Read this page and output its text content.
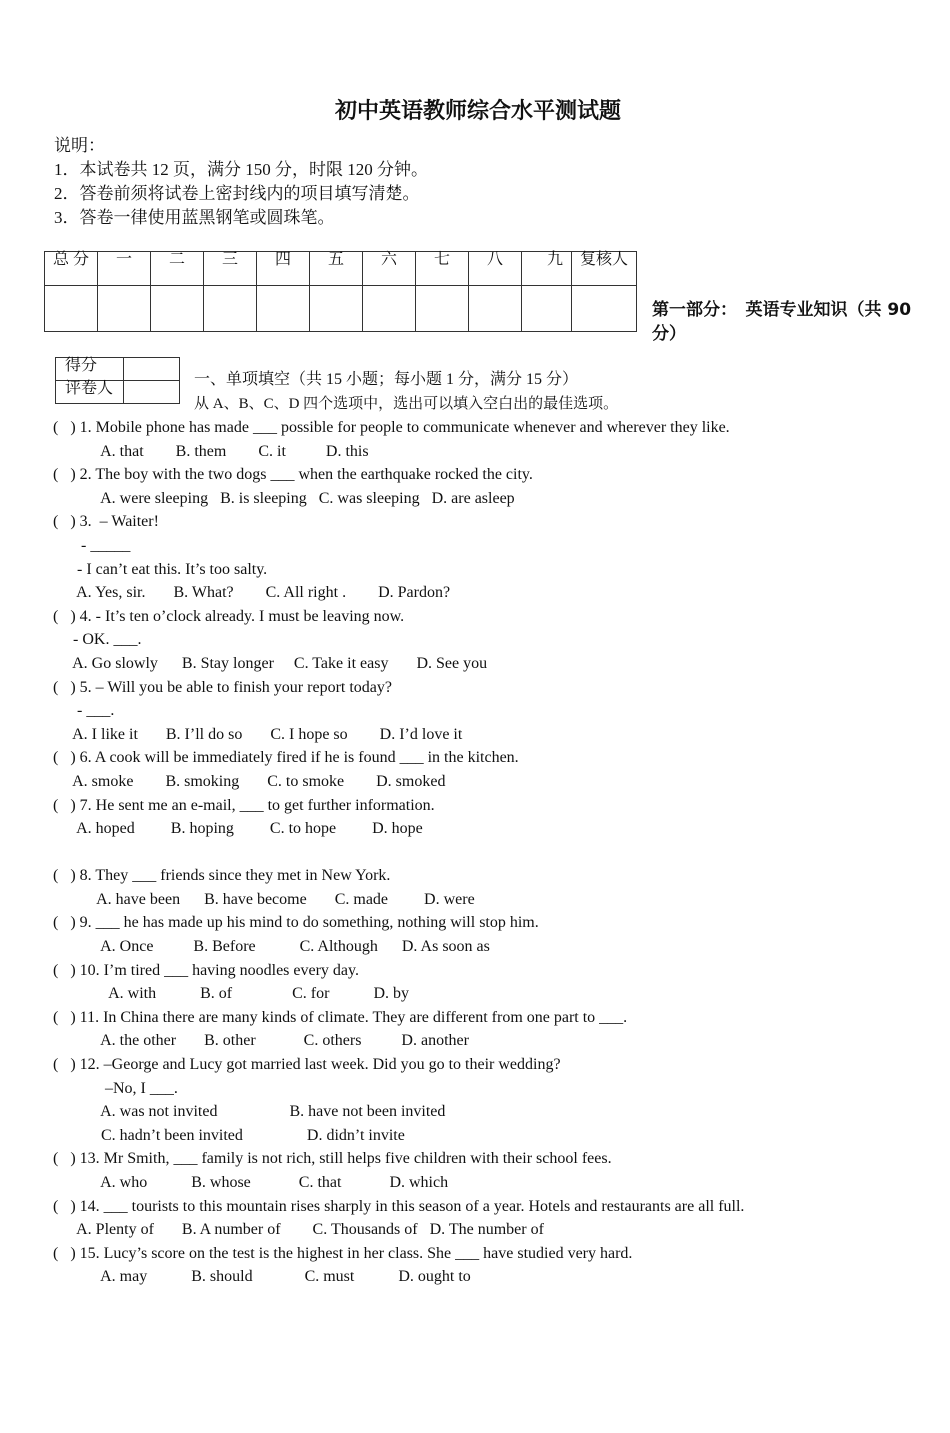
初中英语教师综合水平测试题
说明：
1．本试卷共 12 页，满分 150 分，时限 120 分钟。
2．答卷前须将试卷上密封线内的项目填写清楚。
3．答卷一律使用蓝黑钢笔或圆珠笔。
总 分	一	二	三	四	五	六	七	八	九	复核人

第一部分：　英语专业知识（共 90 分）
得分	
评卷人	
一、单项填空（共 15 小题；每小题 1 分，满分 15 分）
从 A、B、C、D 四个选项中，选出可以填入空白出的最佳选项。
(   ) 1. Mobile phone has made ___ possible for people to communicate whenever and wherever they like.
A. that        B. them        C. it          D. this
(   ) 2. The boy with the two dogs ___ when the earthquake rocked the city.
A. were sleeping   B. is sleeping   C. was sleeping   D. are asleep
(   ) 3.  – Waiter!
- _____
- I can’t eat this. It’s too salty.
A. Yes, sir.       B. What?        C. All right .        D. Pardon?
(   ) 4. - It’s ten o’clock already. I must be leaving now.
- OK. ___.
A. Go slowly      B. Stay longer     C. Take it easy       D. See you
(   ) 5. – Will you be able to finish your report today?
- ___.
A. I like it       B. I’ll do so       C. I hope so        D. I’d love it
(   ) 6. A cook will be immediately fired if he is found ___ in the kitchen.
A. smoke        B. smoking       C. to smoke        D. smoked
(   ) 7. He sent me an e-mail, ___ to get further information.
A. hoped         B. hoping         C. to hope         D. hope
(   ) 8. They ___ friends since they met in New York.
A. have been      B. have become       C. made         D. were
(   ) 9. ___ he has made up his mind to do something, nothing will stop him.
A. Once          B. Before           C. Although      D. As soon as
(   ) 10. I’m tired ___ having noodles every day.
A. with           B. of               C. for           D. by
(   ) 11. In China there are many kinds of climate. They are different from one part to ___.
A. the other       B. other            C. others          D. another
(   ) 12. –George and Lucy got married last week. Did you go to their wedding?
–No, I ___.
A. was not invited                  B. have not been invited
C. hadn’t been invited                D. didn’t invite
(   ) 13. Mr Smith, ___ family is not rich, still helps five children with their school fees.
A. who           B. whose            C. that            D. which
(   ) 14. ___ tourists to this mountain rises sharply in this season of a year. Hotels and restaurants are all full.
A. Plenty of       B. A number of        C. Thousands of   D. The number of
(   ) 15. Lucy’s score on the test is the highest in her class. She ___ have studied very hard.
A. may           B. should             C. must           D. ought to
